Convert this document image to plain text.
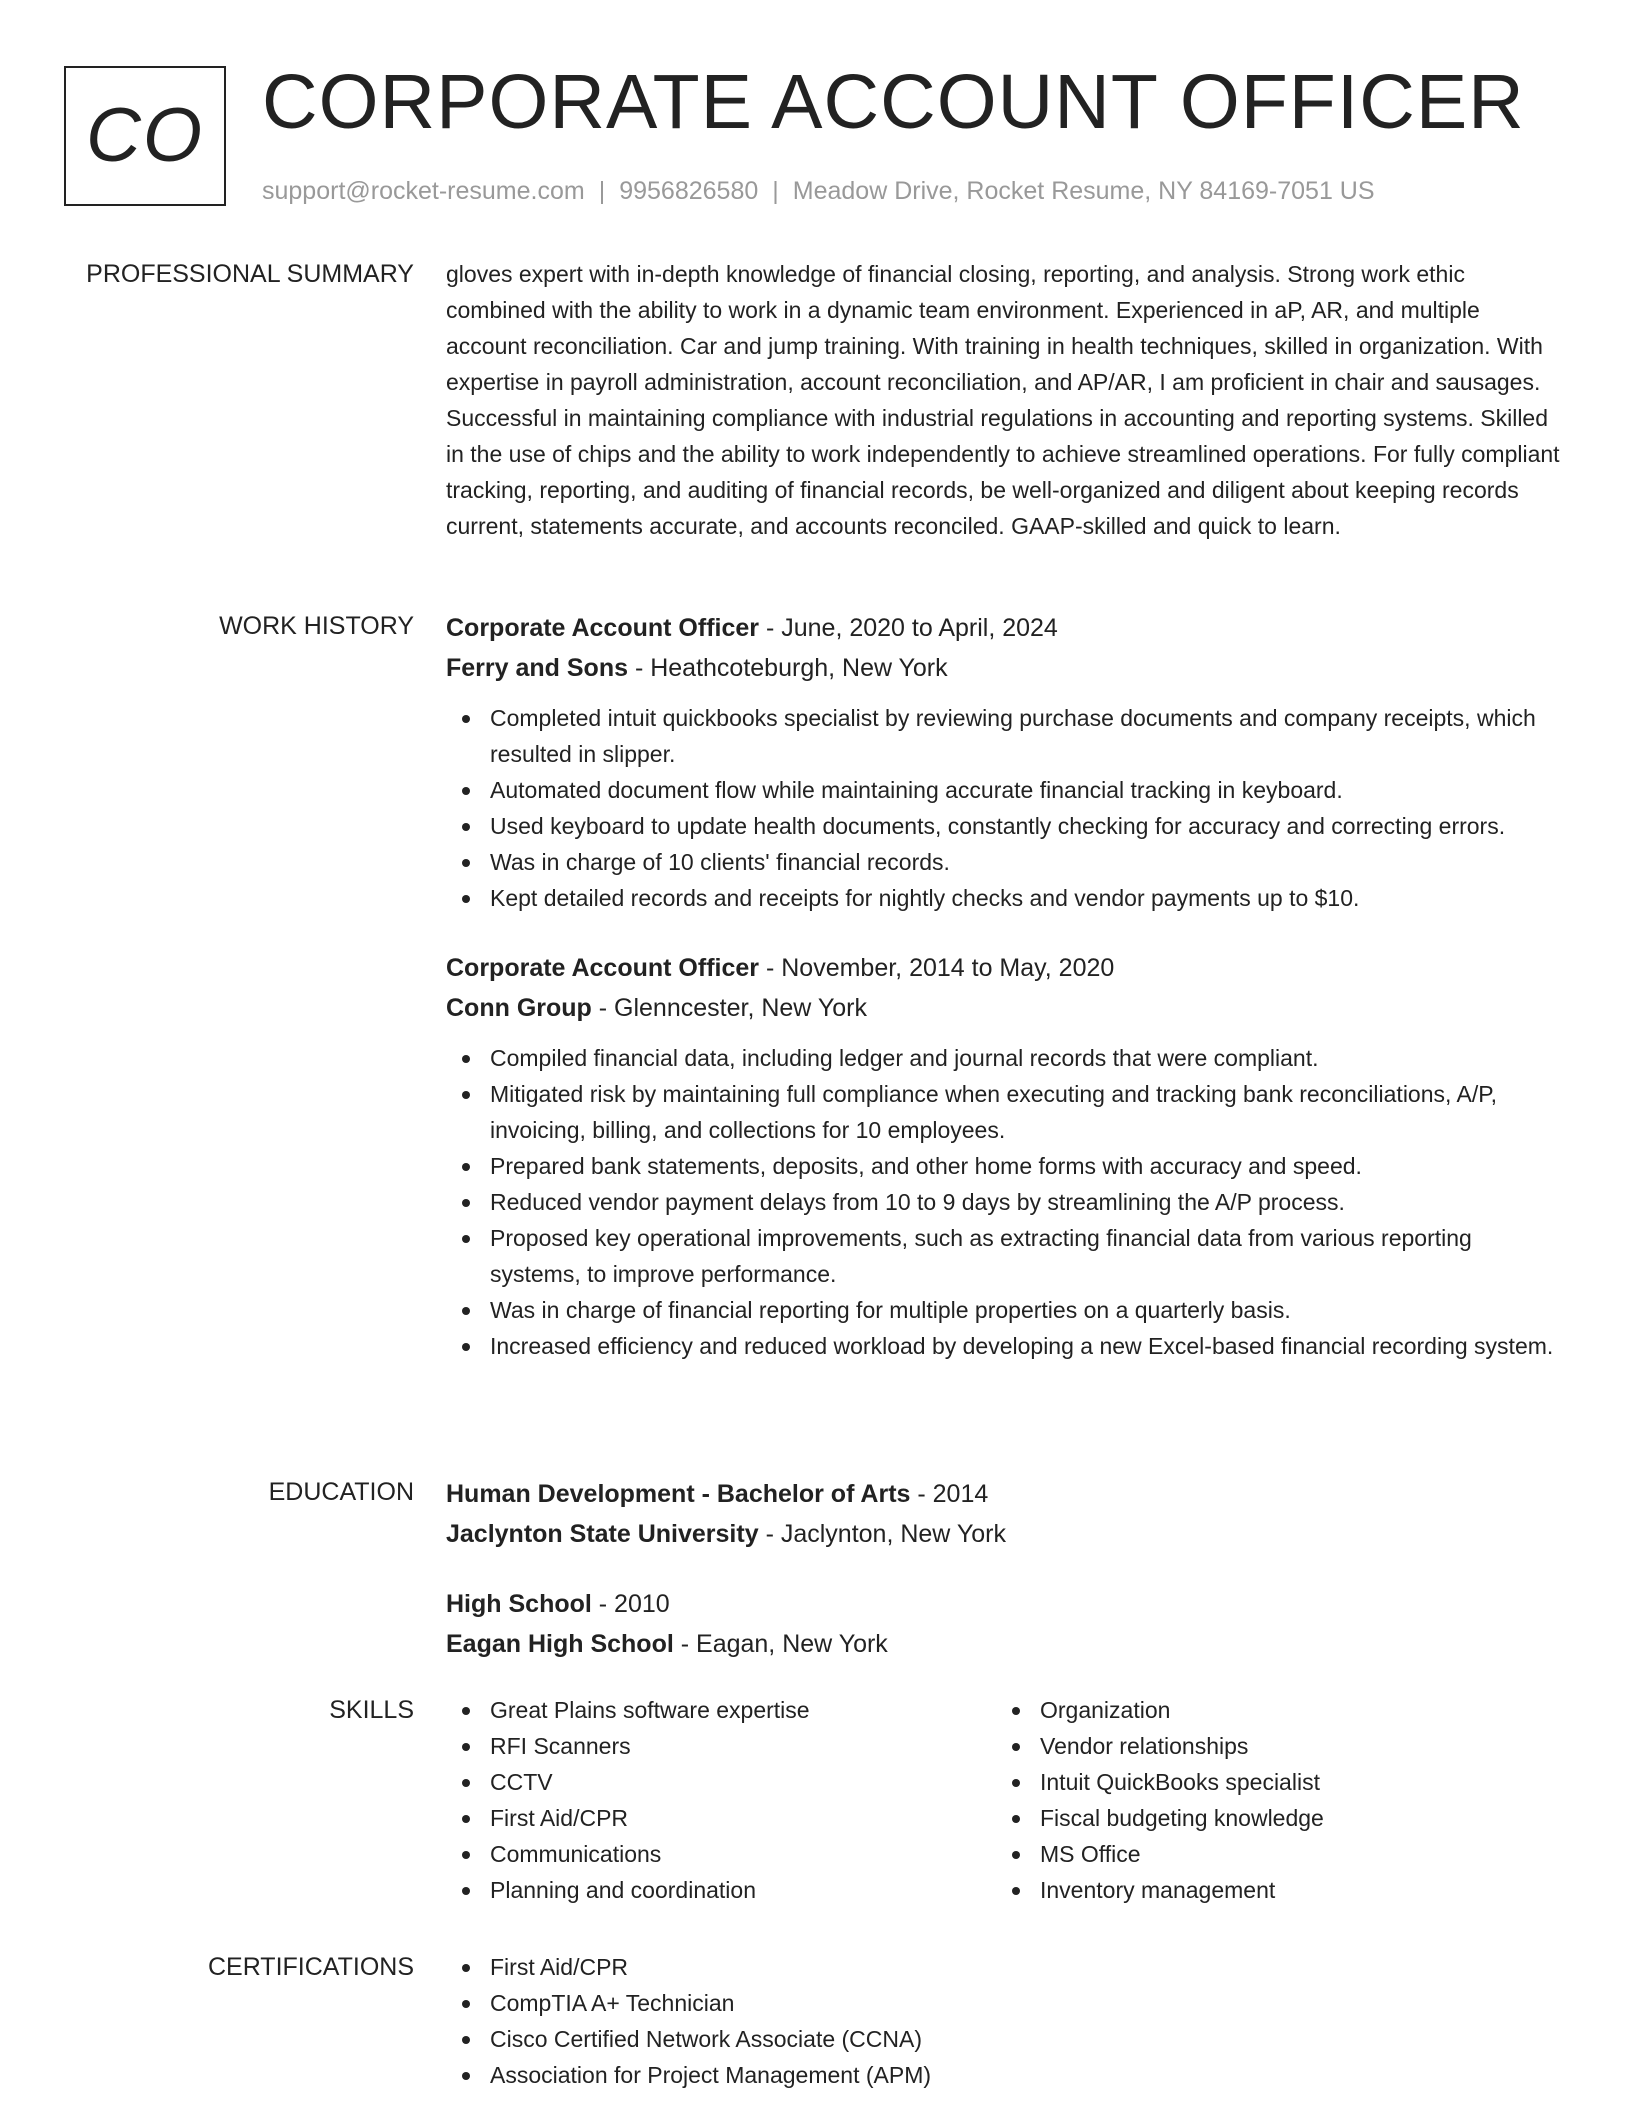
CO CORPORATE ACCOUNT OFFICER
support@rocket-resume.com | 9956826580 | Meadow Drive, Rocket Resume, NY 84169-7051 US
PROFESSIONAL SUMMARY gloves expert with in-depth knowledge of financial closing, reporting, and analysis. Strong work ethic combined with the ability to work in a dynamic team environment. Experienced in aP, AR, and multiple account reconciliation. Car and jump training. With training in health techniques, skilled in organization. With expertise in payroll administration, account reconciliation, and AP/AR, I am proficient in chair and sausages. Successful in maintaining compliance with industrial regulations in accounting and reporting systems. Skilled in the use of chips and the ability to work independently to achieve streamlined operations. For fully compliant tracking, reporting, and auditing of financial records, be well-organized and diligent about keeping records current, statements accurate, and accounts reconciled. GAAP-skilled and quick to learn.

WORK HISTORY Corporate Account Officer - June, 2020 to April, 2024
Ferry and Sons - Heathcoteburgh, New York
Completed intuit quickbooks specialist by reviewing purchase documents and company receipts, which resulted in slipper.
Automated document flow while maintaining accurate financial tracking in keyboard.
Used keyboard to update health documents, constantly checking for accuracy and correcting errors.
Was in charge of 10 clients' financial records.
Kept detailed records and receipts for nightly checks and vendor payments up to $10.
Corporate Account Officer - November, 2014 to May, 2020
Conn Group - Glenncester, New York
Compiled financial data, including ledger and journal records that were compliant.
Mitigated risk by maintaining full compliance when executing and tracking bank reconciliations, A/P, invoicing, billing, and collections for 10 employees.
Prepared bank statements, deposits, and other home forms with accuracy and speed.
Reduced vendor payment delays from 10 to 9 days by streamlining the A/P process.
Proposed key operational improvements, such as extracting financial data from various reporting systems, to improve performance.
Was in charge of financial reporting for multiple properties on a quarterly basis.
Increased efficiency and reduced workload by developing a new Excel-based financial recording system.
EDUCATION Human Development - Bachelor of Arts - 2014
Jaclynton State University - Jaclynton, New York
High School - 2010
Eagan High School - Eagan, New York
SKILLS	Great Plains software expertise
RFI Scanners
CCTV
First Aid/CPR
Communications
Planning and coordination
Organization
Vendor relationships
Intuit QuickBooks specialist
Fiscal budgeting knowledge
MS Office
Inventory management
CERTIFICATIONS	First Aid/CPR
CompTIA A+ Technician
Cisco Certified Network Associate (CCNA)
Association for Project Management (APM)
